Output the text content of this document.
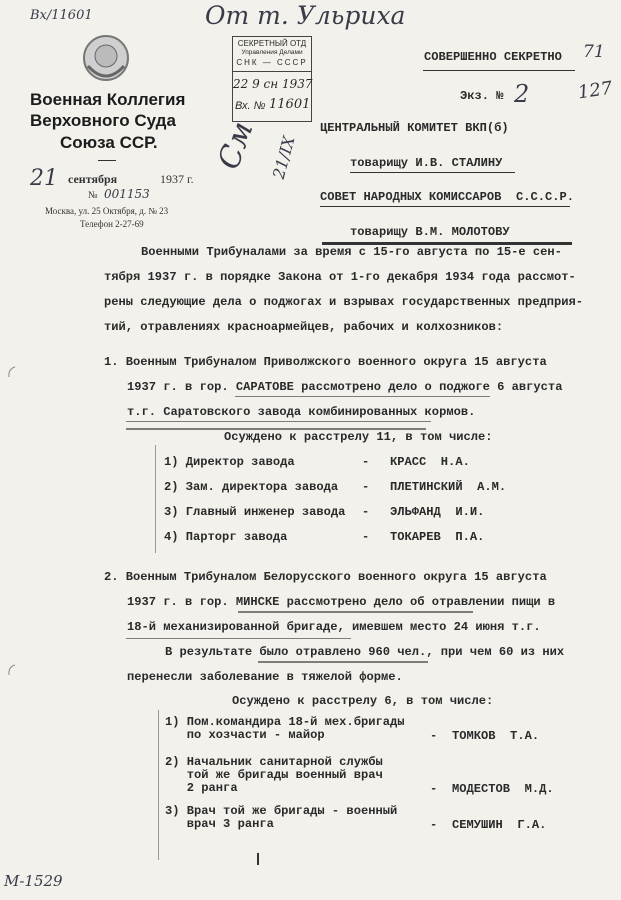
Вх/11601	От т. Ульриха
71
127
См 21/IX
М-1529
Военная Коллегия
Верховного Суда
Союза ССР.
21 сентября	1937 г.
№ 001153
Москва, ул. 25 Октября, д. № 23
Телефон 2-27-69
СЕКРЕТНЫЙ ОТД
Управления Делами
СНК — СССР
22 9 сн 1937
Вх. № 11601
СОВЕРШЕННО СЕКРЕТНО
Экз. № 2
ЦЕНТРАЛЬНЫЙ КОМИТЕТ ВКП(б)
товарищу И.В. СТАЛИНУ
СОВЕТ НАРОДНЫХ КОМИССАРОВ  С.С.С.Р.
товарищу В.М. МОЛОТОВУ
Военными Трибуналами за время с 15-го августа по 15-е сен-
тября 1937 г. в порядке Закона от 1-го декабря 1934 года рассмот-
рены следующие дела о поджогах и взрывах государственных предприя-
тий, отравлениях красноармейцев, рабочих и колхозников:
1. Военным Трибуналом Приволжского военного округа 15 августа
1937 г. в гор. САРАТОВЕ рассмотрено дело о поджоге 6 августа
т.г. Саратовского завода комбинированных кормов.
Осуждено к расстрелу 11, в том числе:
1) Директор завода	- КРАСС  Н.А.
2) Зам. директора завода - ПЛЕТИНСКИЙ  А.М.
3) Главный инженер завода - ЭЛЬФАНД  И.И.
4) Парторг завода	- ТОКАРЕВ  П.А.
2. Военным Трибуналом Белорусского военного округа 15 августа
1937 г. в гор. МИНСКЕ рассмотрено дело об отравлении пищи в
18-й механизированной бригаде, имевшем место 24 июня т.г.
В результате было отравлено 960 чел., при чем 60 из них
перенесли заболевание в тяжелой форме.
Осуждено к расстрелу 6, в том числе:
1) Пом.командира 18-й мех.бригады
по хозчасти - майор	- ТОМКОВ  Т.А.
2) Начальник санитарной службы
той же бригады военный врач
2 ранга	- МОДЕСТОВ  М.Д.
3) Врач той же бригады - военный
врач 3 ранга	- СЕМУШИН  Г.А.
